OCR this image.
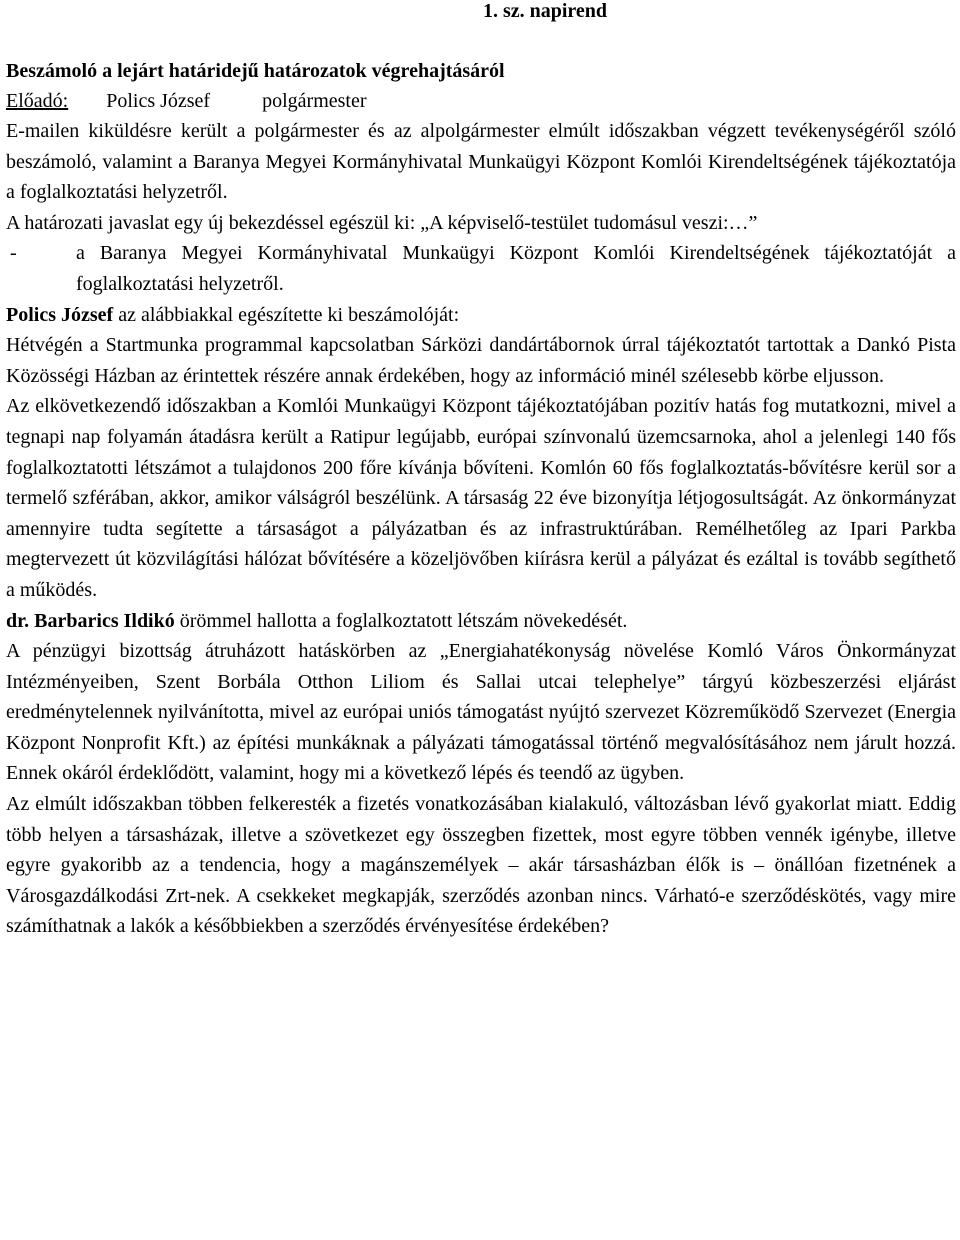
1. sz. napirend

Beszámoló a lejárt határidejű határozatok végrehajtásáról

Előadó: Polics József	polgármester

E-mailen kiküldésre került a polgármester és az alpolgármester elmúlt időszakban végzett tevékenységéről szóló beszámoló, valamint a Baranya Megyei Kormányhivatal Munkaügyi Központ Komlói Kirendeltségének tájékoztatója a foglalkoztatási helyzetről.

A határozati javaslat egy új bekezdéssel egészül ki: „A képviselő-testület tudomásul veszi:…”

-	a Baranya Megyei Kormányhivatal Munkaügyi Központ Komlói Kirendeltségének tájékoztatóját a foglalkoztatási helyzetről.

Polics József az alábbiakkal egészítette ki beszámolóját:

Hétvégén a Startmunka programmal kapcsolatban Sárközi dandártábornok úrral tájékoztatót tartottak a Dankó Pista Közösségi Házban az érintettek részére annak érdekében, hogy az információ minél szélesebb körbe eljusson.

Az elkövetkezendő időszakban a Komlói Munkaügyi Központ tájékoztatójában pozitív hatás fog mutatkozni, mivel a tegnapi nap folyamán átadásra került a Ratipur legújabb, európai színvonalú üzemcsarnoka, ahol a jelenlegi 140 fős foglalkoztatotti létszámot a tulajdonos 200 főre kívánja bővíteni. Komlón 60 fős foglalkoztatás-bővítésre kerül sor a termelő szférában, akkor, amikor válságról beszélünk. A társaság 22 éve bizonyítja létjogosultságát. Az önkormányzat amennyire tudta segítette a társaságot a pályázatban és az infrastruktúrában. Remélhetőleg az Ipari Parkba megtervezett út közvilágítási hálózat bővítésére a közeljövőben kiírásra kerül a pályázat és ezáltal is tovább segíthető a működés.

dr. Barbarics Ildikó örömmel hallotta a foglalkoztatott létszám növekedését.

A pénzügyi bizottság átruházott hatáskörben az „Energiahatékonyság növelése Komló Város Önkormányzat Intézményeiben, Szent Borbála Otthon Liliom és Sallai utcai telephelye” tárgyú közbeszerzési eljárást eredménytelennek nyilvánította, mivel az európai uniós támogatást nyújtó szervezet Közreműködő Szervezet (Energia Központ Nonprofit Kft.) az építési munkáknak a pályázati támogatással történő megvalósításához nem járult hozzá. Ennek okáról érdeklődött, valamint, hogy mi a következő lépés és teendő az ügyben.

Az elmúlt időszakban többen felkeresték a fizetés vonatkozásában kialakuló, változásban lévő gyakorlat miatt. Eddig több helyen a társasházak, illetve a szövetkezet egy összegben fizettek, most egyre többen vennék igénybe, illetve egyre gyakoribb az a tendencia, hogy a magánszemélyek – akár társasházban élők is – önállóan fizetnének a Városgazdálkodási Zrt-nek. A csekkeket megkapják, szerződés azonban nincs. Várható-e szerződéskötés, vagy mire számíthatnak a lakók a későbbiekben a szerződés érvényesítése érdekében?
